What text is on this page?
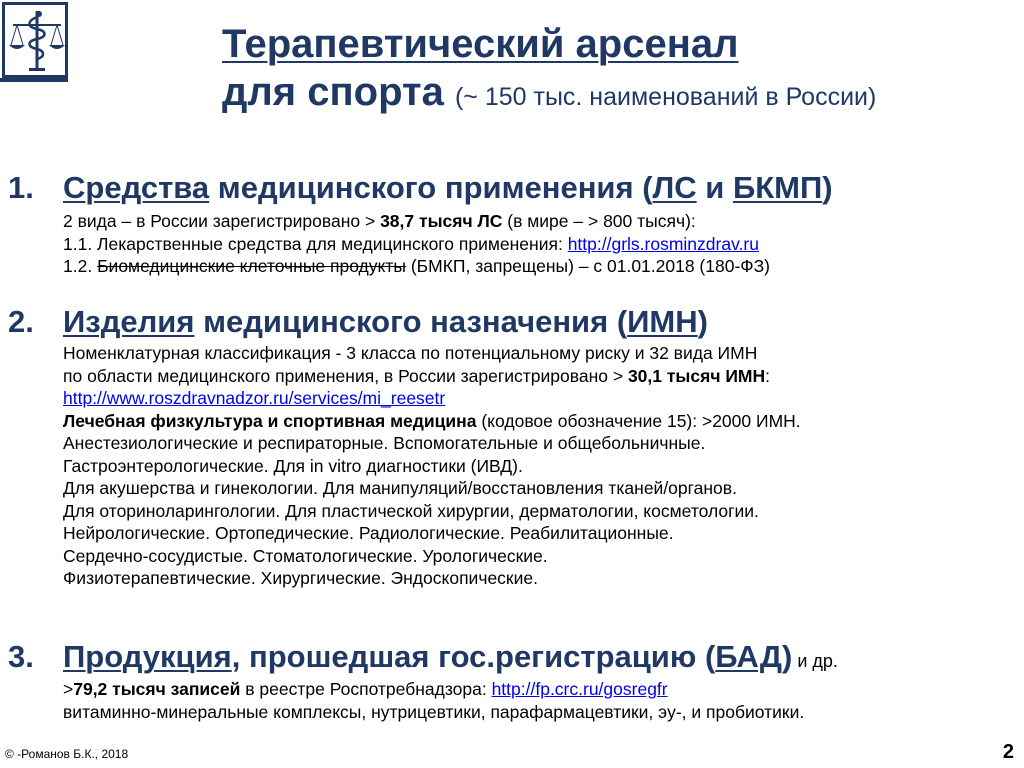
Терапевтический арсенал
для спорта (~ 150 тыс. наименований в России)
1. Средства медицинского применения (ЛС и БКМП)
2 вида – в России зарегистрировано > 38,7 тысяч ЛС (в мире – > 800 тысяч):
1.1. Лекарственные средства для медицинского применения: http://grls.rosminzdrav.ru
1.2. Биомедицинские клеточные продукты (БМКП, запрещены) – с 01.01.2018 (180-ФЗ)
2. Изделия медицинского назначения (ИМН)
Номенклатурная классификация - 3 класса по потенциальному риску и 32 вида ИМН
по области медицинского применения, в России зарегистрировано > 30,1 тысяч ИМН:
http://www.roszdravnadzor.ru/services/mi_reesetr
Лечебная физкультура и спортивная медицина (кодовое обозначение 15): >2000 ИМН.
Анестезиологические и респираторные. Вспомогательные и общебольничные.
Гастроэнтерологические. Для in vitro диагностики (ИВД).
Для акушерства и гинекологии. Для манипуляций/восстановления тканей/органов.
Для оториноларингологии. Для пластической хирургии, дерматологии, косметологии.
Нейрологические. Ортопедические. Радиологические. Реабилитационные.
Сердечно-сосудистые. Стоматологические. Урологические.
Физиотерапевтические. Хирургические. Эндоскопические.
3. Продукция, прошедшая гос.регистрацию (БАД) и др.
>79,2 тысяч записей в реестре Роспотребнадзора: http://fp.crc.ru/gosregfr
витаминно-минеральные комплексы, нутрицевтики, парафармацевтики, эу-, и пробиотики.
© -Романов Б.К., 2018	2
